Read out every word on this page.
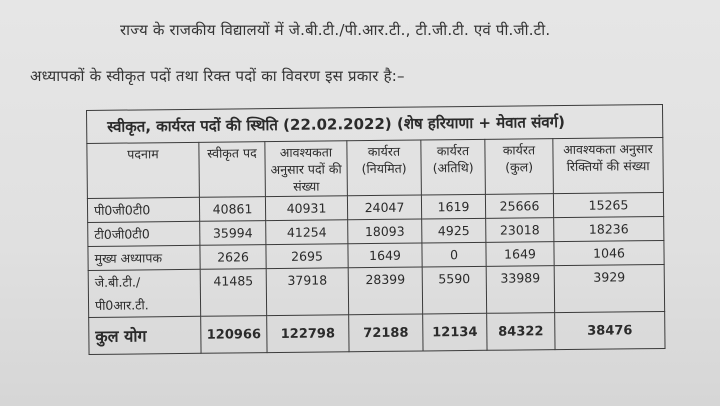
राज्य के राजकीय विद्यालयों में जे.बी.टी./पी.आर.टी., टी.जी.टी. एवं पी.जी.टी.
अध्यापकों के स्वीकृत पदों तथा रिक्त पदों का विवरण इस प्रकार है:–
स्वीकृत, कार्यरत पदों की स्थिति (22.02.2022) (शेष हरियाणा + मेवात संवर्ग)						
पदनाम	स्वीकृत पद	आवश्यकता अनुसार पदों की संख्या	कार्यरत (नियमित)	कार्यरत (अतिथि)	कार्यरत (कुल)	आवश्यकता अनुसार रिक्तियों की संख्या
पी0जी0टी0	40861	40931	24047	1619	25666	15265
टी0जी0टी0	35994	41254	18093	4925	23018	18236
मुख्य अध्यापक	2626	2695	1649	0	1649	1046

जे.बी.टी./
पी0आर.टी.	41485	37918	28399	5590	33989	3929
कुल योग	120966	122798	72188	12134	84322	38476
